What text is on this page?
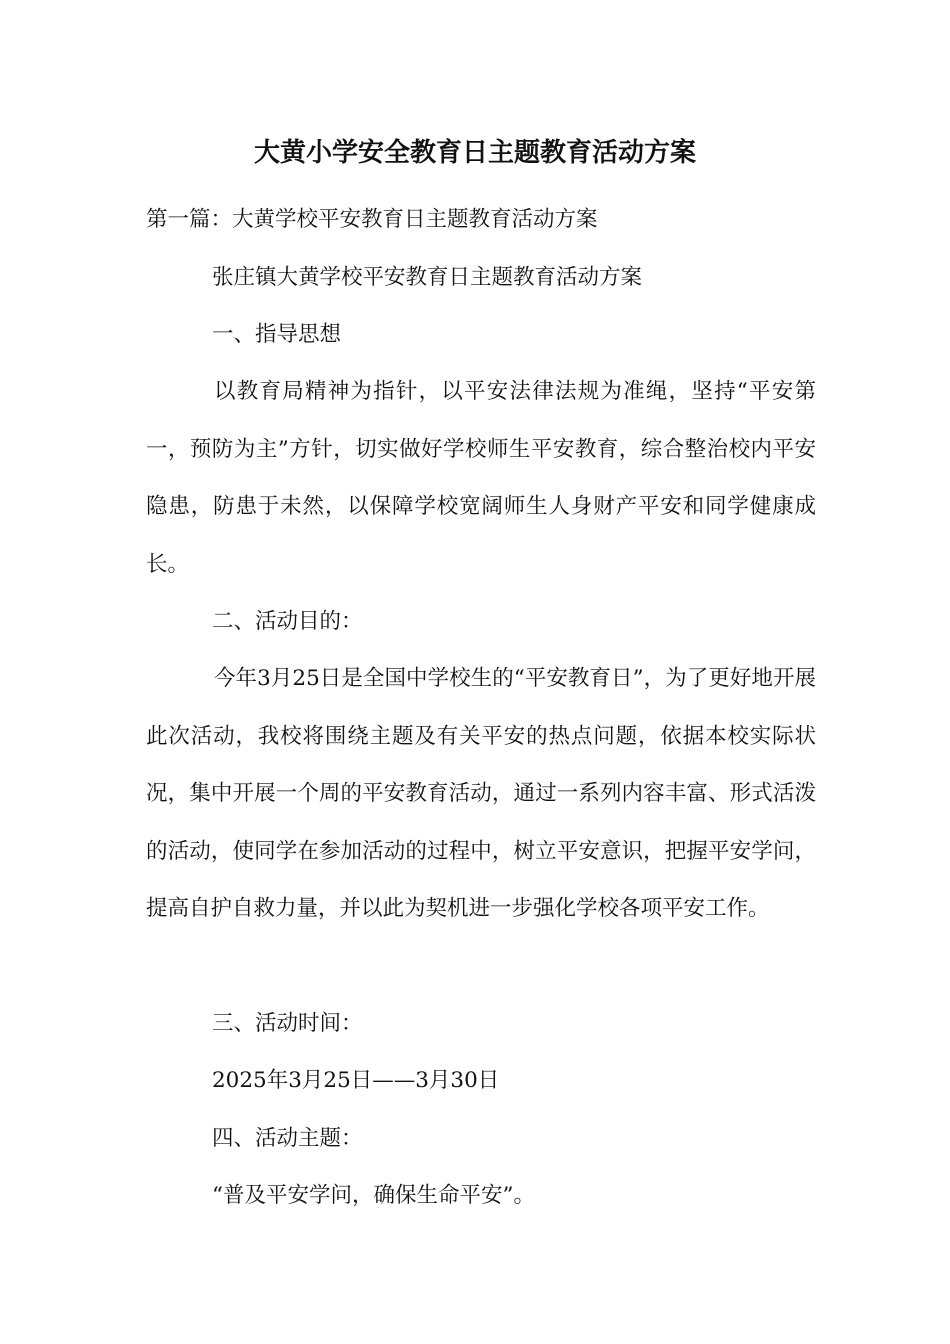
大黄小学安全教育日主题教育活动方案

第一篇：大黄学校平安教育日主题教育活动方案

张庄镇大黄学校平安教育日主题教育活动方案

一、指导思想

以教育局精神为指针，以平安法律法规为准绳，坚持“平安第一，预防为主”方针，切实做好学校师生平安教育，综合整治校内平安隐患，防患于未然，以保障学校宽阔师生人身财产平安和同学健康成长。

二、活动目的：

今年3月25日是全国中学校生的“平安教育日”，为了更好地开展此次活动，我校将围绕主题及有关平安的热点问题，依据本校实际状况，集中开展一个周的平安教育活动，通过一系列内容丰富、形式活泼的活动，使同学在参加活动的过程中，树立平安意识，把握平安学问，提高自护自救力量，并以此为契机进一步强化学校各项平安工作。

三、活动时间：

2025年3月25日——3月30日

四、活动主题：

“普及平安学问，确保生命平安”。
